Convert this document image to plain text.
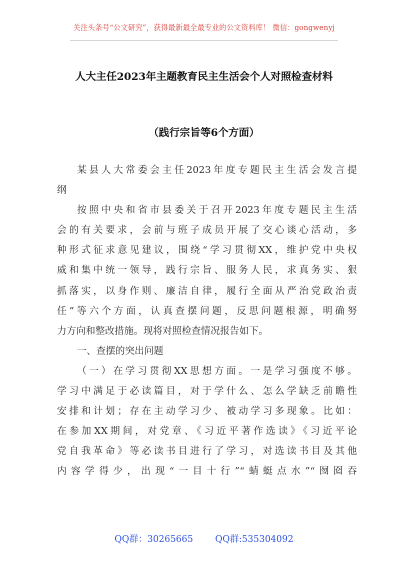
关注头条号“公文研究”，获得最新最全最专业的公文资料库！ 微信：gongwenyj
人大主任2023年主题教育民主生活会个人对照检查材料
（践行宗旨等6个方面）
某县人大常委会主任2023年度专题民主生活会发言提
纲
按照中央和省市县委关于召开2023年度专题民主生活
会的有关要求，会前与班子成员开展了交心谈心活动，多
种形式征求意见建议，围绕“学习贯彻XX，维护党中央权
威和集中统一领导，践行宗旨、服务人民，求真务实、狠
抓落实，以身作则、廉洁自律，履行全面从严治党政治责
任”等六个方面，认真查摆问题，反思问题根源，明确努
力方向和整改措施。现将对照检查情况报告如下。
一、查摆的突出问题
（一）在学习贯彻XX思想方面。一是学习强度不够。
学习中满足于必读篇目，对于学什么、怎么学缺乏前瞻性
安排和计划；存在主动学习少、被动学习多现象。比如：
在参加XX期间，对党章、《习近平著作选读》《习近平论
党自我革命》等必读书目进行了学习，对选读书目及其他
内容学得少，出现“一目十行”“蜻蜓点水”“囫囵吞
QQ群：30265665 QQ群:535304092
